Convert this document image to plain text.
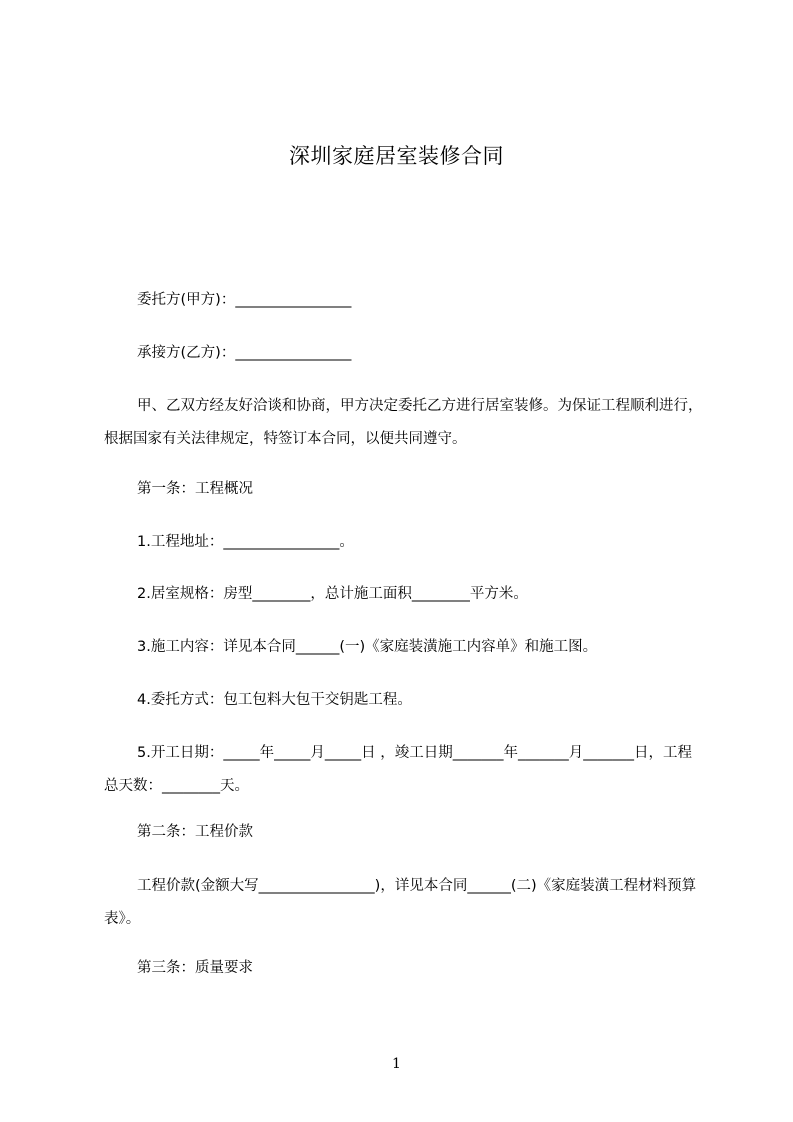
深圳家庭居室装修合同
委托方(甲方)：________________
承接方(乙方)：________________
甲、乙双方经友好洽谈和协商，甲方决定委托乙方进行居室装修。为保证工程顺利进行，根据国家有关法律规定，特签订本合同，以便共同遵守。
第一条：工程概况
1.工程地址：________________。
2.居室规格：房型________，总计施工面积________平方米。
3.施工内容：详见本合同______(一)《家庭装潢施工内容单》和施工图。
4.委托方式：包工包料大包干交钥匙工程。
5.开工日期：_____年_____月_____日 ，竣工日期_______年_______月_______日，工程总天数：________天。
第二条：工程价款
工程价款(金额大写________________)，详见本合同______(二)《家庭装潢工程材料预算表》。
第三条：质量要求
1
